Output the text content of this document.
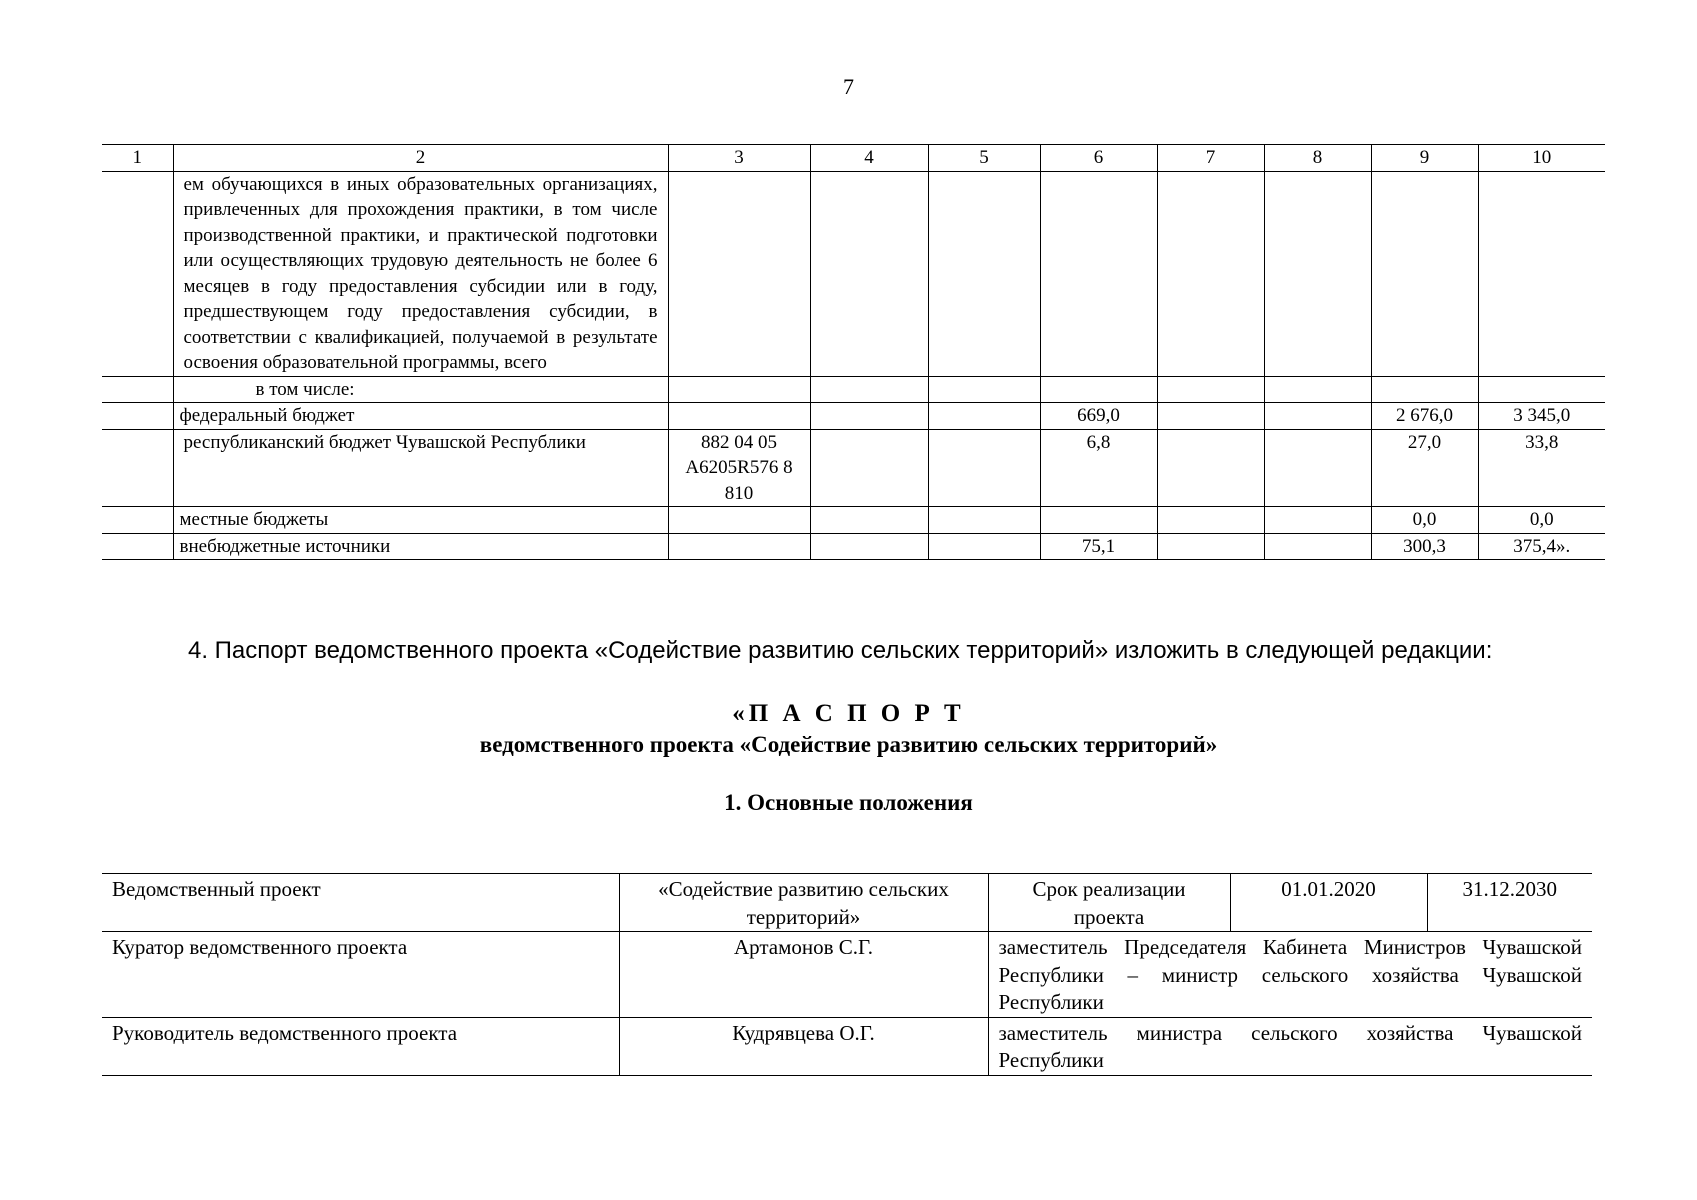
7
1	2	3	4	5	6	7	8	9	10
	ем обучающихся в иных образовательных организациях, привлеченных для прохождения практики, в том числе производственной практики, и практической подготовки или осуществляющих трудовую деятельность не более 6 месяцев в году предоставления субсидии или в году, предшествующем году предоставления субсидии, в соответствии с квалификацией, получаемой в результате освоения образовательной программы, всего								
	в том числе:								
	федеральный бюджет				669,0			2 676,0	3 345,0
	республиканский бюджет Чувашской Республики	882 04 05 А6205R576 8 810			6,8			27,0	33,8
	местные бюджеты							0,0	0,0
	внебюджетные источники				75,1			300,3	375,4».
4. Паспорт ведомственного проекта «Содействие развитию сельских территорий» изложить в следующей редакции:
«П А С П О Р Т
ведомственного проекта «Содействие развитию сельских территорий»
1. Основные положения
Ведомственный проект	«Содействие развитию сельских территорий»	Срок реализации проекта	01.01.2020	31.12.2030
Куратор ведомственного проекта	Артамонов С.Г.	заместитель Председателя Кабинета Министров Чувашской Республики – министр сельского хозяйства Чувашской Республики		
Руководитель ведомственного проекта	Кудрявцева О.Г.	заместитель министра сельского хозяйства Чувашской Республики		
